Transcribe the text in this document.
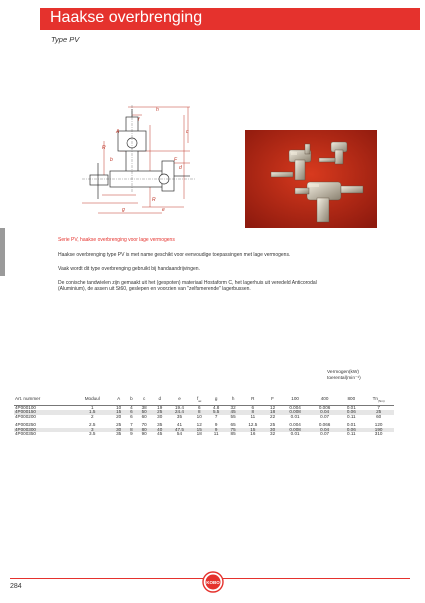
Haakse overbrenging
Type PV
h
f
A
R
b
c
d
F
g	e
R
Serie PV, haakse overbrenging voor lage vermogens
Haakse overbrenging type PV is met name geschikt voor eenvoudige toepassingen met lage vermogens.
Vaak wordt dit type overbrenging gebruikt bij handaandrijvingen.
De conische tandwielen zijn gemaakt uit het (gespoten) materiaal Hostaform C, het lagerhuis uit veredeld Anticorodal
(Aluminium), de assen uit St60, geslepen en voorzien van "zelfsmerende" lagerbussen.
Vermogen(kW)
toerental(min⁻¹)
Art. nummer	Moduul	A	b	c	d	e	$f_{ax}$	g	h	R	F	100	400	800	$Tn_{(Nm)}$
4P000100	1	10	4	38	19	19.4	6	4.8	32	6	12	0.004	0.006	0.01	7
4P000150	1.5	15	6	50	25	24.4	8	5.5	45	8	18	0.008	0.04	0.06	25
4P000200	2	20	6	60	30	35	10	7	55	11	22	0.01	0.07	0.11	60

4P000250	2.5	25	7	70	35	41	12	9	65	12.5	25	0.004	0.066	0.01	120
4P000300	3	30	8	80	40	47.5	15	9	75	15	30	0.008	0.04	0.06	190
4P000350	3.5	35	9	90	45	54	18	11	85	16	32	0.01	0.07	0.11	310
284
KOBO
